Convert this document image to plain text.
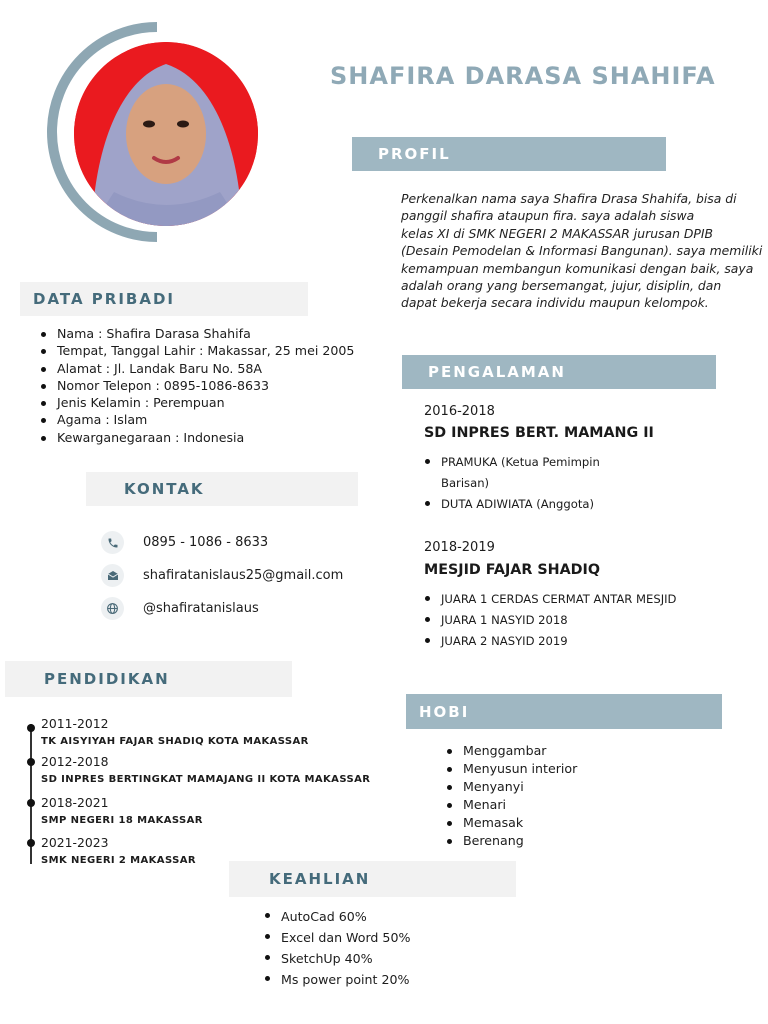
SHAFIRA DARASA SHAHIFA
PROFIL
Perkenalkan nama saya Shafira Drasa Shahifa, bisa di
panggil shafira ataupun fira. saya adalah siswa
kelas XI di SMK NEGERI 2 MAKASSAR jurusan DPIB
(Desain Pemodelan & Informasi Bangunan). saya memiliki
kemampuan membangun komunikasi dengan baik, saya
adalah orang yang bersemangat, jujur, disiplin, dan
dapat bekerja secara individu maupun kelompok.
DATA PRIBADI
Nama : Shafira Darasa Shahifa
Tempat, Tanggal Lahir : Makassar, 25 mei 2005
Alamat : Jl. Landak Baru No. 58A
Nomor Telepon : 0895-1086-8633
Jenis Kelamin : Perempuan
Agama : Islam
Kewarganegaraan : Indonesia
KONTAK
0895 - 1086 - 8633
shafiratanislaus25@gmail.com
@shafiratanislaus
PENGALAMAN
2016-2018
SD INPRES BERT. MAMANG II
PRAMUKA (Ketua Pemimpin
Barisan)
DUTA ADIWIATA (Anggota)
2018-2019
MESJID FAJAR SHADIQ
JUARA 1 CERDAS CERMAT ANTAR MESJID
JUARA 1 NASYID 2018
JUARA 2 NASYID 2019
PENDIDIKAN
2011-2012
TK AISYIYAH FAJAR SHADIQ KOTA MAKASSAR
2012-2018
SD INPRES BERTINGKAT MAMAJANG II KOTA MAKASSAR
2018-2021
SMP NEGERI 18 MAKASSAR
2021-2023
SMK NEGERI 2 MAKASSAR
HOBI
Menggambar
Menyusun interior
Menyanyi
Menari
Memasak
Berenang
KEAHLIAN
AutoCad 60%
Excel dan Word 50%
SketchUp 40%
Ms power point 20%
